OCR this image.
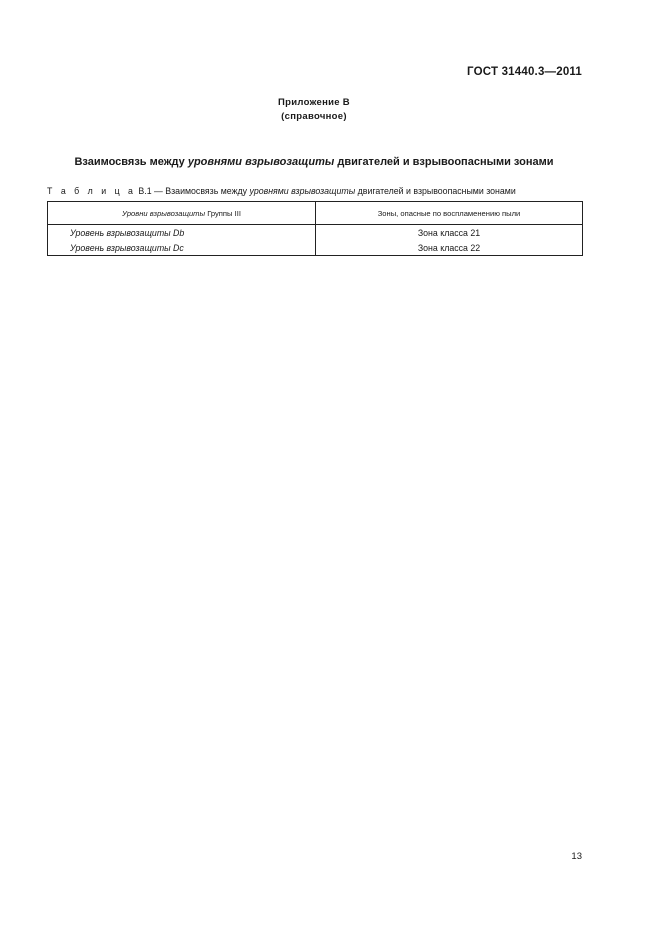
ГОСТ 31440.3—2011
Приложение В
(справочное)
Взаимосвязь между уровнями взрывозащиты двигателей и взрывоопасными зонами
Т а б л и ц а В.1 — Взаимосвязь между уровнями взрывозащиты двигателей и взрывоопасными зонами
Уровни взрывозащиты Группы III	Зоны, опасные по воспламенению пыли
Уровень взрывозащиты Db	Зона класса 21
Уровень взрывозащиты Dc	Зона класса 22
13
